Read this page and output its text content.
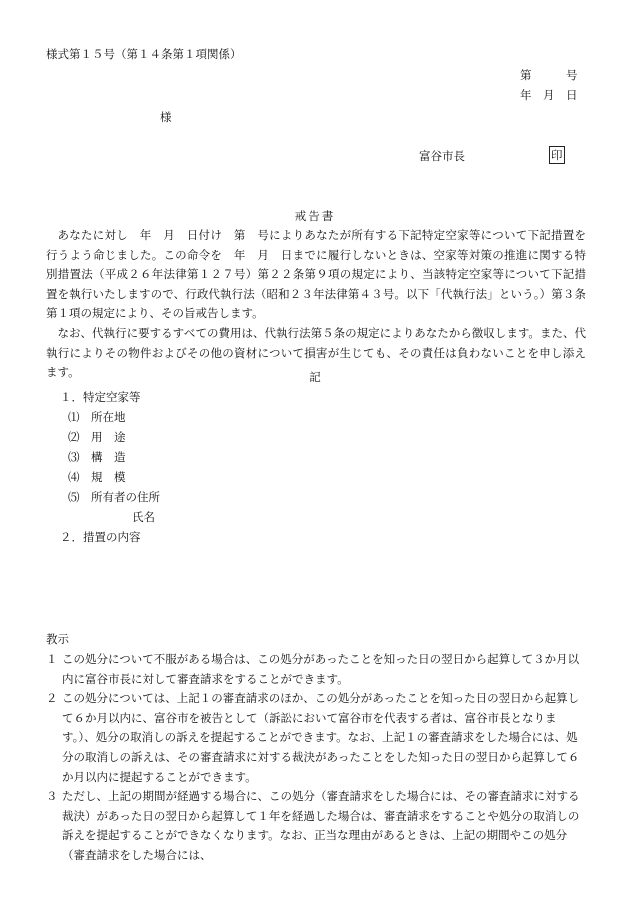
様式第１５号（第１４条第１項関係）
第　　　号
年　月　日
様
富谷市長	印
戒告書

あなたに対し　年　月　日付け　第　号によりあなたが所有する下記特定空家等について下記措置を行うよう命じました。この命令を　年　月　日までに履行しないときは、空家等対策の推進に関する特別措置法（平成２６年法律第１２７号）第２２条第９項の規定により、当該特定空家等について下記措置を執行いたしますので、行政代執行法（昭和２３年法律第４３号。以下「代執行法」という。）第３条第１項の規定により、その旨戒告します。

なお、代執行に要するすべての費用は、代執行法第５条の規定によりあなたから徴収します。また、代執行によりその物件およびその他の資材について損害が生じても、その責任は負わないことを申し添えます。	記
１．特定空家等
⑴　所在地
⑵　用　途
⑶　構　造
⑷　規　模
⑸　所有者の住所
氏名
２．措置の内容
教示
１ この処分について不服がある場合は、この処分があったことを知った日の翌日から起算して３か月以内に富谷市長に対して審査請求をすることができます。
２ この処分については、上記１の審査請求のほか、この処分があったことを知った日の翌日から起算して６か月以内に、富谷市を被告として（訴訟において富谷市を代表する者は、富谷市長となります。）、処分の取消しの訴えを提起することができます。なお、上記１の審査請求をした場合には、処分の取消しの訴えは、その審査請求に対する裁決があったことをした知った日の翌日から起算して６か月以内に提起することができます。
３ ただし、上記の期間が経過する場合に、この処分（審査請求をした場合には、その審査請求に対する裁決）があった日の翌日から起算して１年を経過した場合は、審査請求をすることや処分の取消しの訴えを提起することができなくなります。なお、正当な理由があるときは、上記の期間やこの処分（審査請求をした場合には、
